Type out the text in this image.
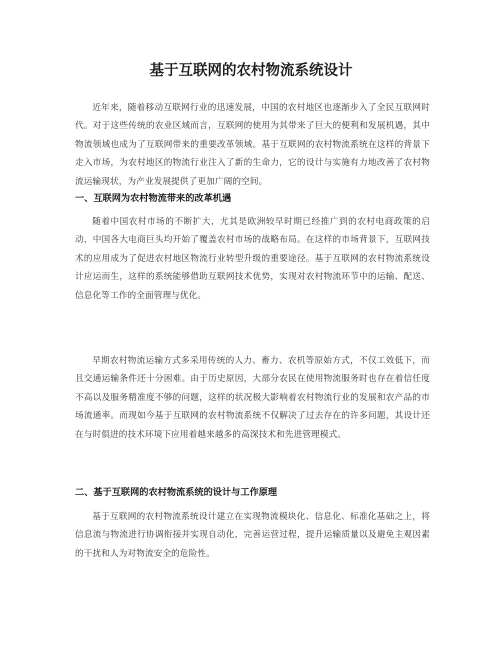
基于互联网的农村物流系统设计

近年来，随着移动互联网行业的迅速发展，中国的农村地区也逐渐步入了全民互联网时代。对于这些传统的农业区域而言，互联网的使用为其带来了巨大的便利和发展机遇，其中物流领域也成为了互联网带来的重要改革领域。基于互联网的农村物流系统在这样的背景下走入市场，为农村地区的物流行业注入了新的生命力，它的设计与实施有力地改善了农村物流运输现状，为产业发展提供了更加广阔的空间。

一、互联网为农村物流带来的改革机遇

随着中国农村市场的不断扩大，尤其是欧洲较早时期已经推广到的农村电商政策的启动，中国各大电商巨头均开始了覆盖农村市场的战略布局。在这样的市场背景下，互联网技术的应用成为了促进农村地区物流行业转型升级的重要途径。基于互联网的农村物流系统设计应运而生，这样的系统能够借助互联网技术优势，实现对农村物流环节中的运输、配送、信息化等工作的全面管理与优化。

早期农村物流运输方式多采用传统的人力、畜力、农机等原始方式，不仅工效低下，而且交通运输条件还十分困难。由于历史原因，大部分农民在使用物流服务时也存在着信任度不高以及服务精准度不够的问题，这样的状况极大影响着农村物流行业的发展和农产品的市场流通率。而现如今基于互联网的农村物流系统不仅解决了过去存在的许多问题，其设计还在与时俱进的技术环境下应用着越来越多的高深技术和先进管理模式。

二、基于互联网的农村物流系统的设计与工作原理

基于互联网的农村物流系统设计建立在实现物流模块化、信息化、标准化基础之上，将信息流与物流进行协调衔接并实现自动化，完善运营过程，提升运输质量以及避免主观因素的干扰和人为对物流安全的危险性。
